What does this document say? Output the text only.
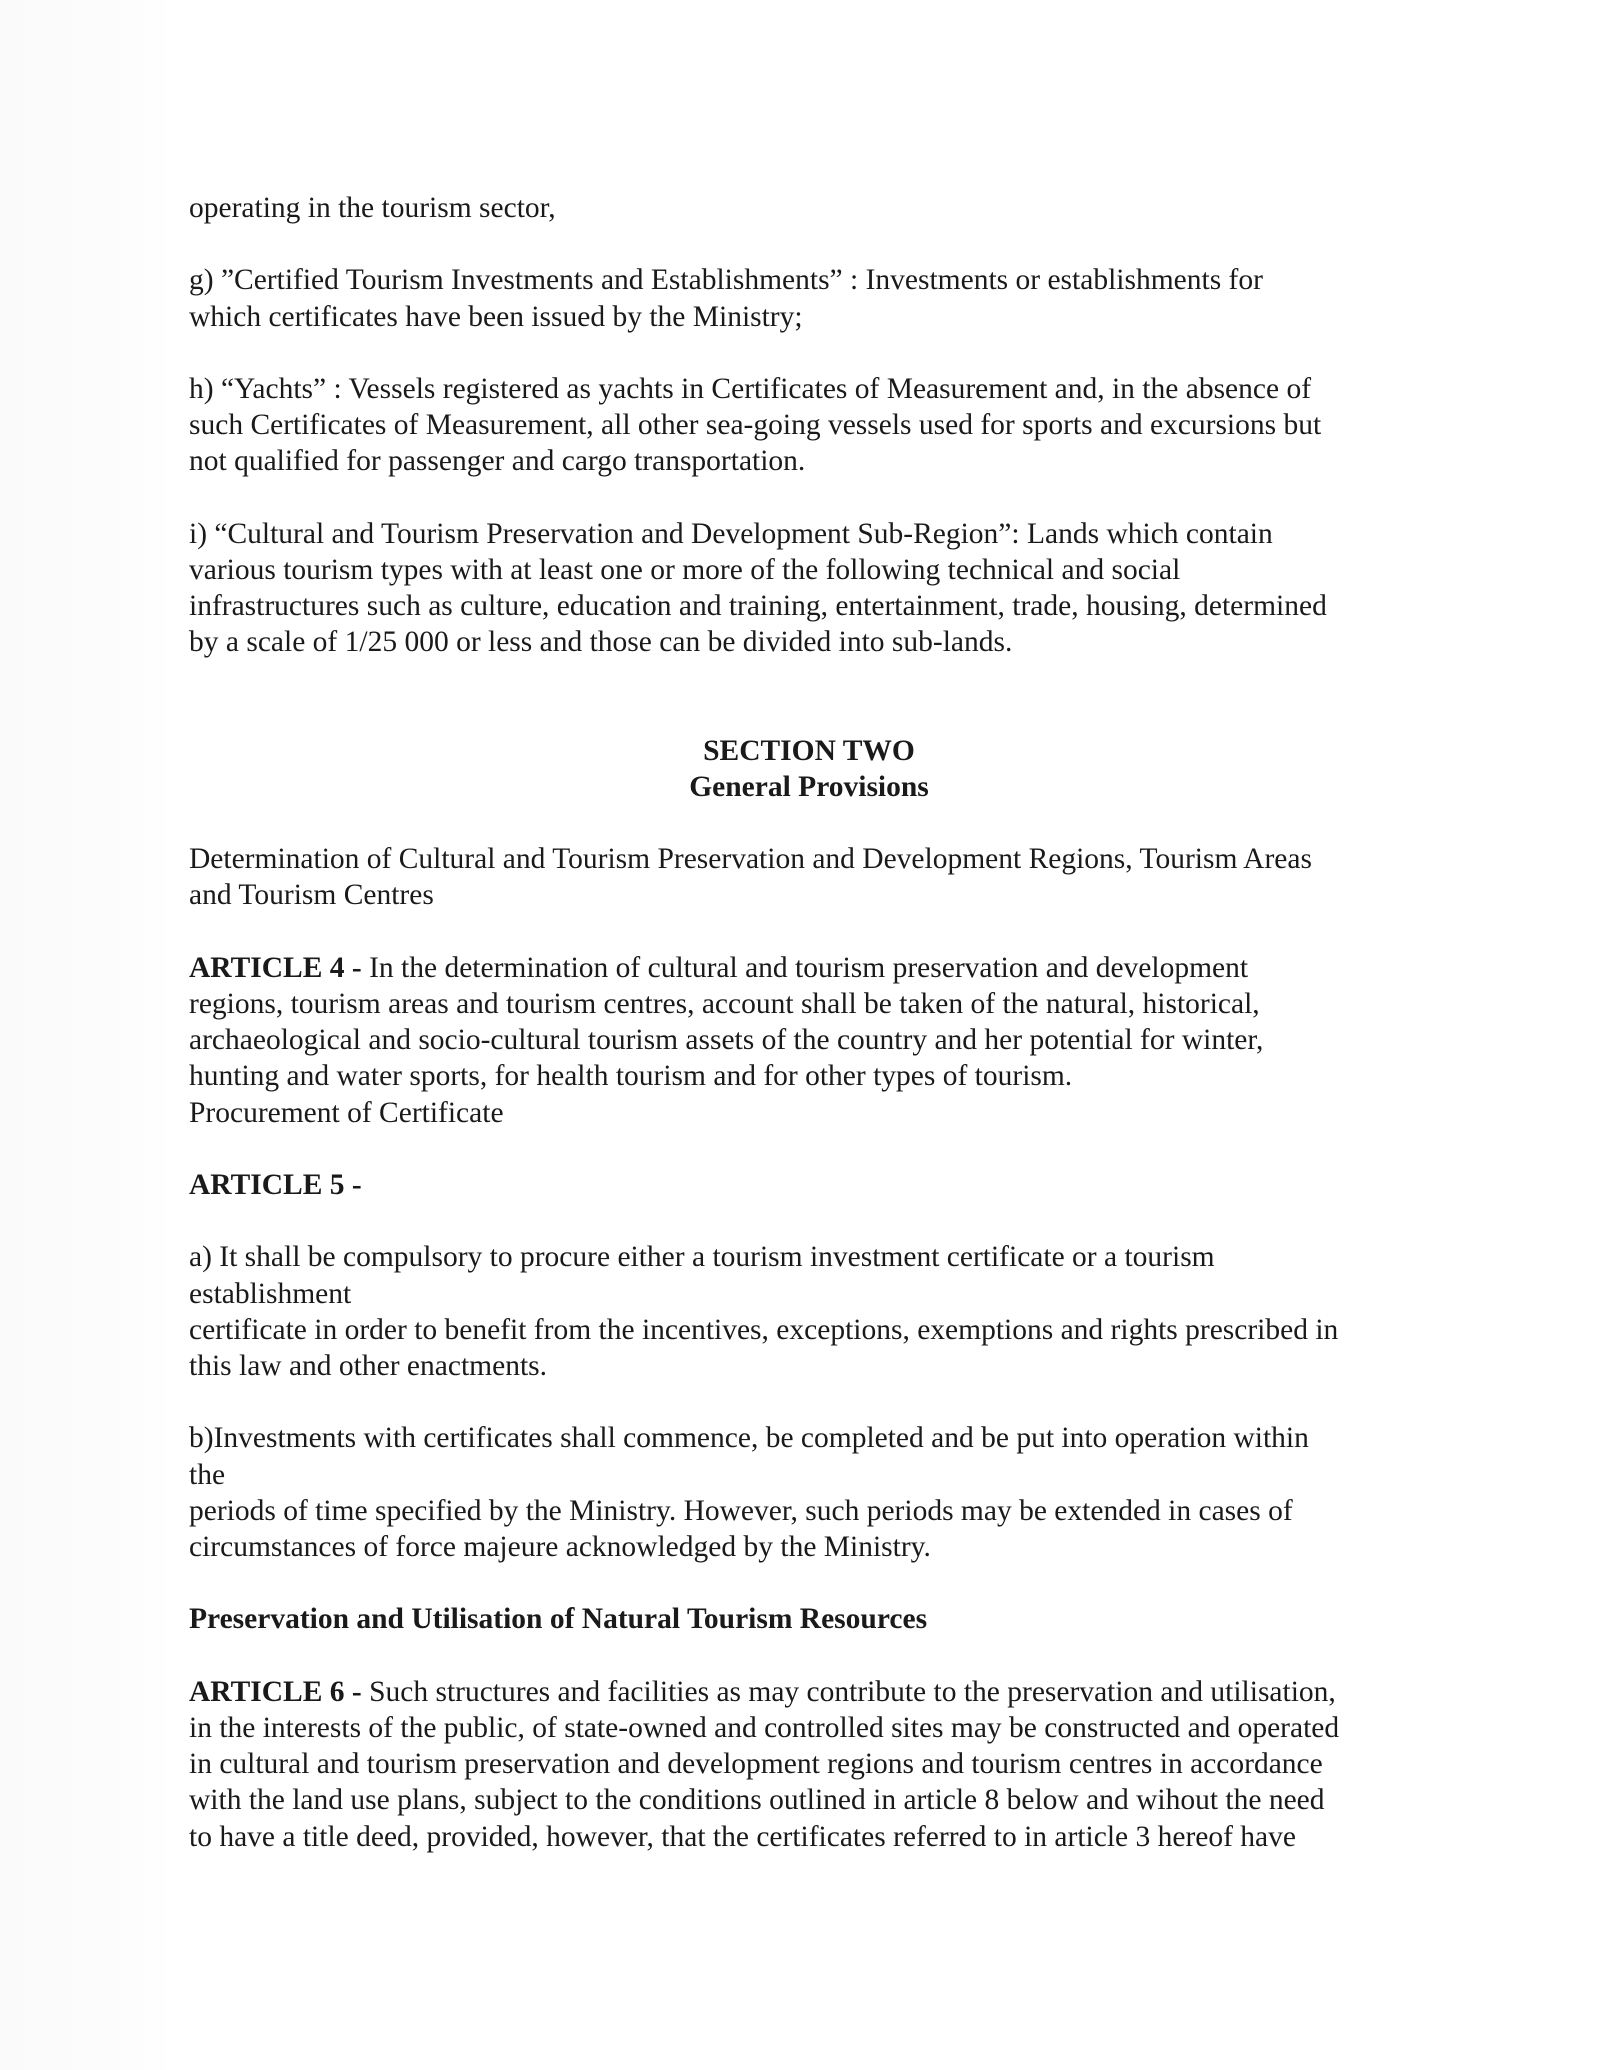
operating in the tourism sector,

g) ”Certified Tourism Investments and Establishments” : Investments or establishments for
which certificates have been issued by the Ministry;

h) “Yachts” : Vessels registered as yachts in Certificates of Measurement and, in the absence of
such Certificates of Measurement, all other sea-going vessels used for sports and excursions but
not qualified for passenger and cargo transportation.

i) “Cultural and Tourism Preservation and Development Sub-Region”: Lands which contain
various tourism types with at least one or more of the following technical and social
infrastructures such as culture, education and training, entertainment, trade, housing, determined
by a scale of 1/25 000 or less and those can be divided into sub-lands.

SECTION TWO
General Provisions

Determination of Cultural and Tourism Preservation and Development Regions, Tourism Areas
and Tourism Centres

ARTICLE 4 - In the determination of cultural and tourism preservation and development
regions, tourism areas and tourism centres, account shall be taken of the natural, historical,
archaeological and socio-cultural tourism assets of the country and her potential for winter,
hunting and water sports, for health tourism and for other types of tourism.

Procurement of Certificate

ARTICLE 5 -

a) It shall be compulsory to procure either a tourism investment certificate or a tourism
establishment
certificate in order to benefit from the incentives, exceptions, exemptions and rights prescribed in
this law and other enactments.

b)Investments with certificates shall commence, be completed and be put into operation within
the
periods of time specified by the Ministry. However, such periods may be extended in cases of
circumstances of force majeure acknowledged by the Ministry.

Preservation and Utilisation of Natural Tourism Resources

ARTICLE 6 - Such structures and facilities as may contribute to the preservation and utilisation,
in the interests of the public, of state-owned and controlled sites may be constructed and operated
in cultural and tourism preservation and development regions and tourism centres in accordance
with the land use plans, subject to the conditions outlined in article 8 below and wihout the need
to have a title deed, provided, however, that the certificates referred to in article 3 hereof have
